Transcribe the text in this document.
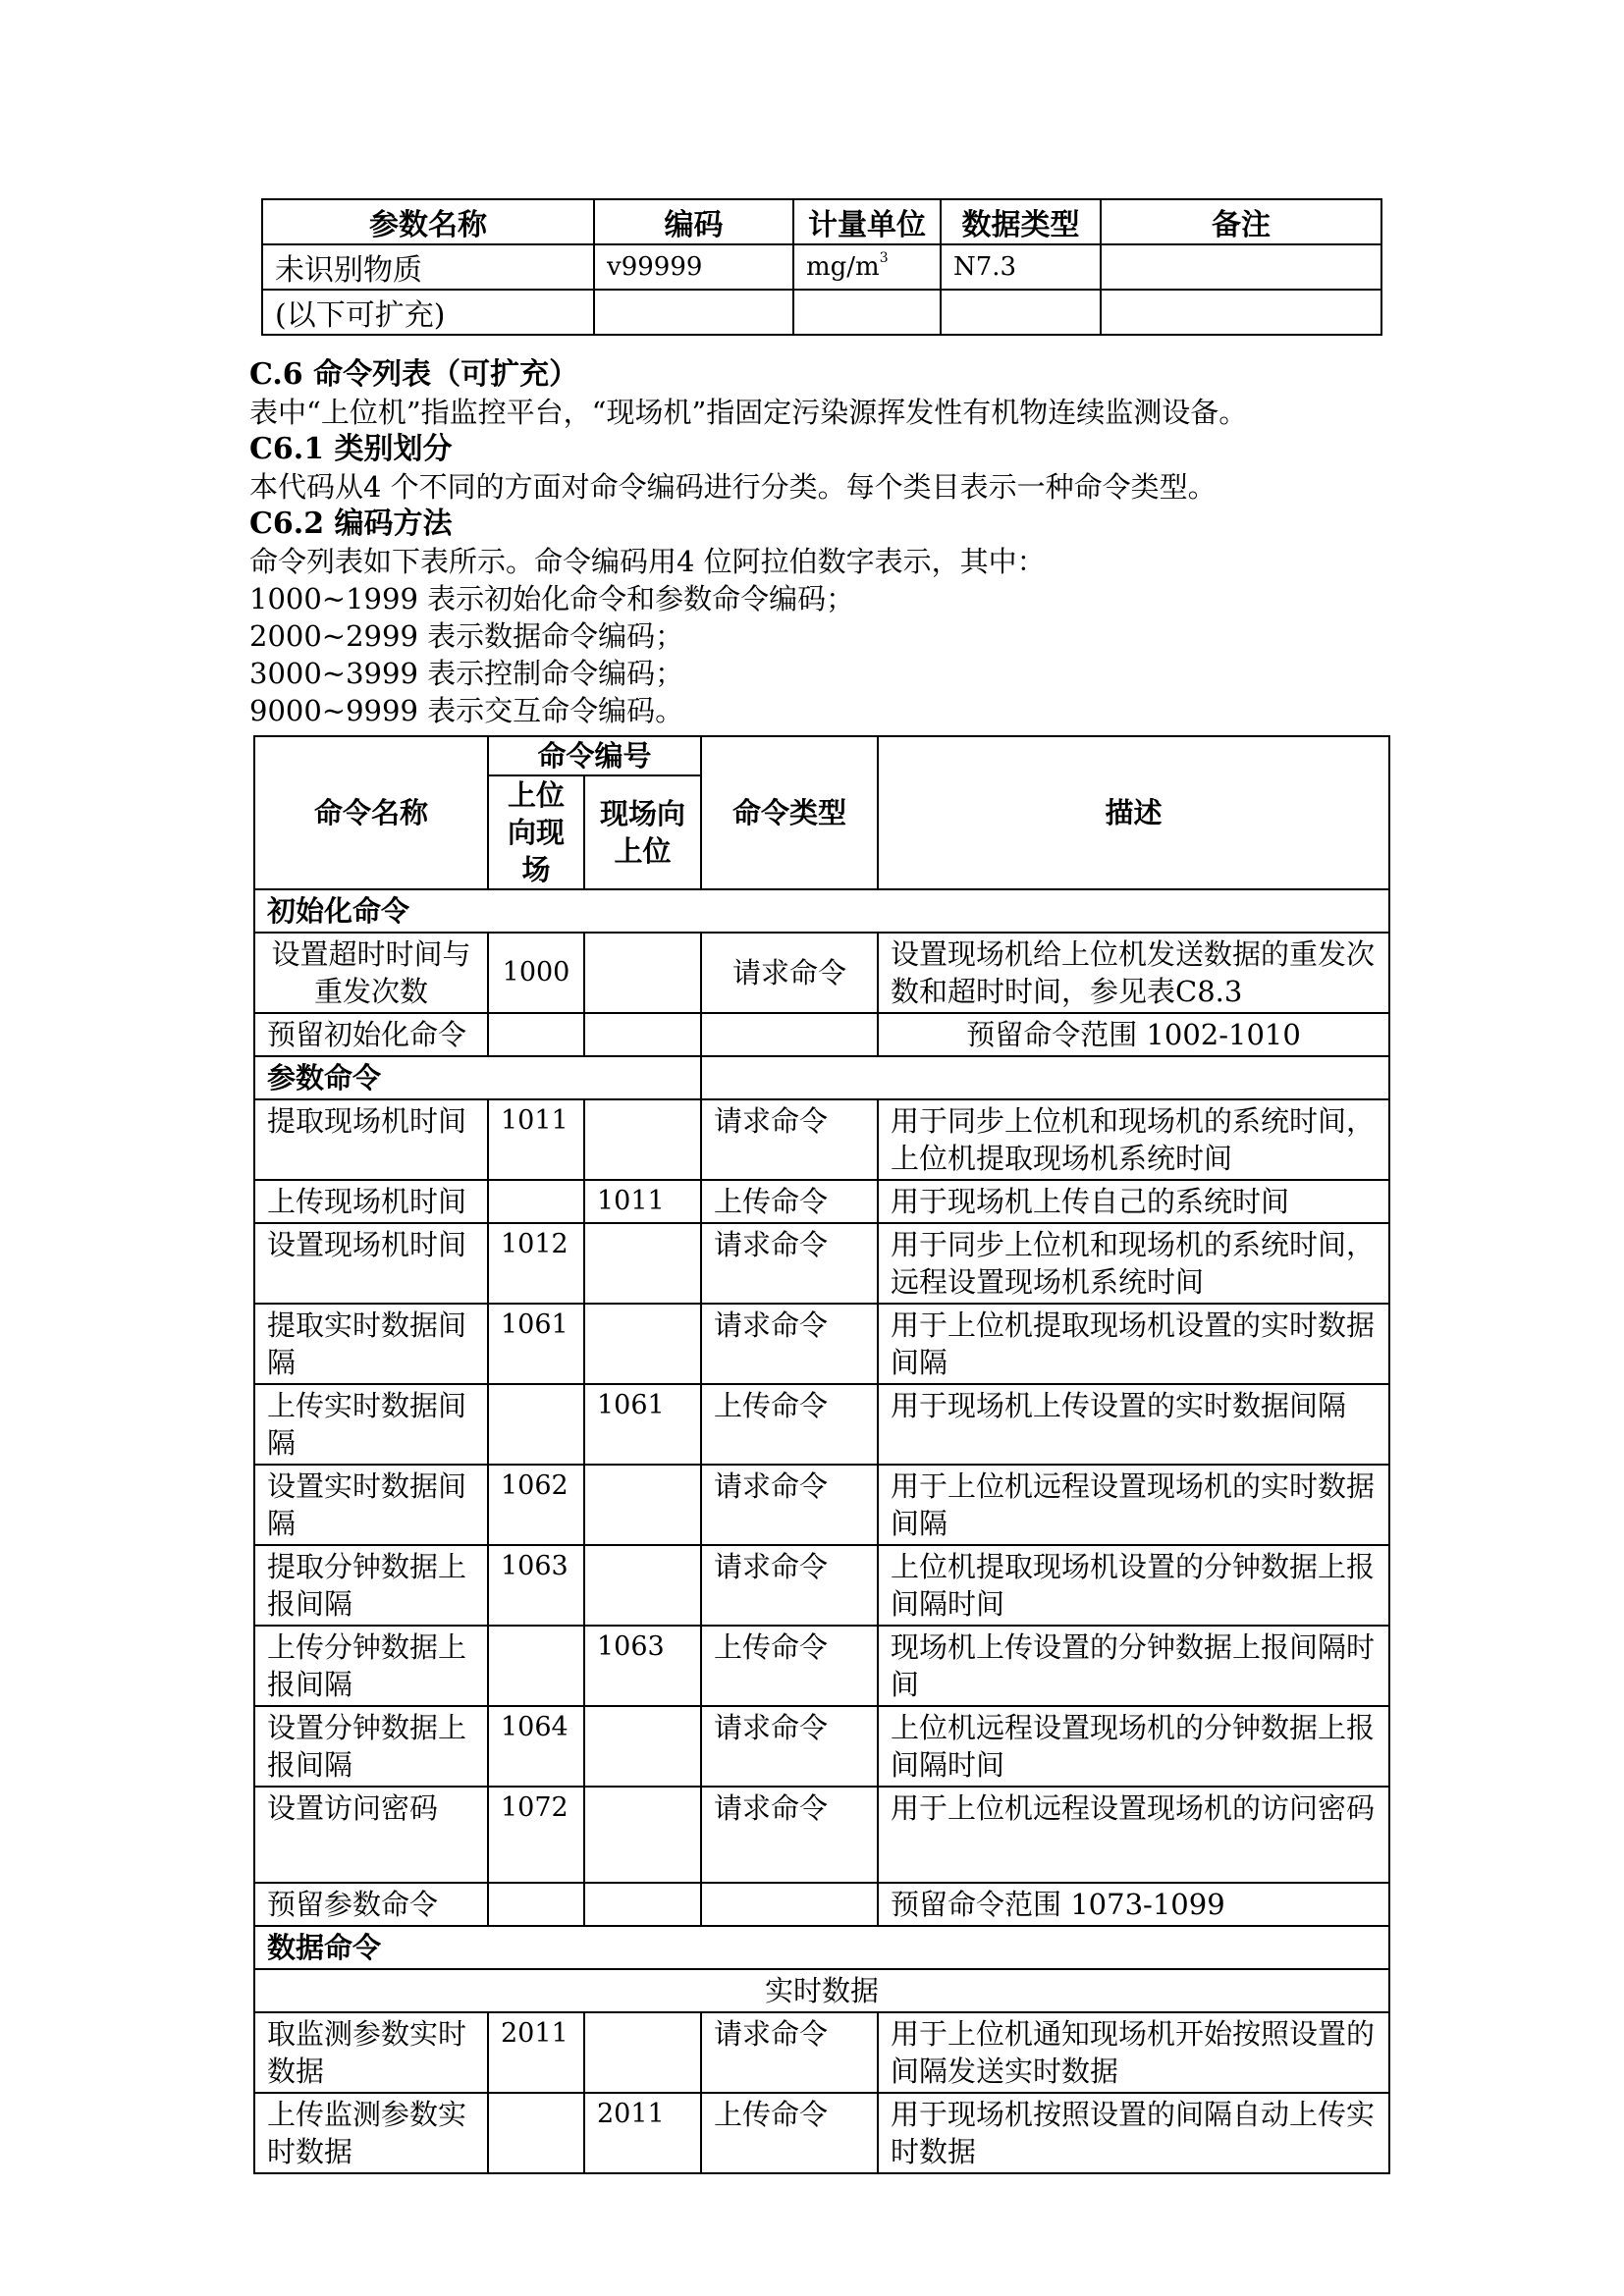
参数名称	编码	计量单位	数据类型	备注
未识别物质	v99999	$mg/m^3$	N7.3	
(以下可扩充)				
C.6 命令列表（可扩充）
表中“上位机”指监控平台，“现场机”指固定污染源挥发性有机物连续监测设备。
C6.1 类别划分
本代码从4 个不同的方面对命令编码进行分类。每个类目表示一种命令类型。
C6.2 编码方法
命令列表如下表所示。命令编码用4 位阿拉伯数字表示，其中：
1000~1999 表示初始化命令和参数命令编码；
2000~2999 表示数据命令编码；
3000~3999 表示控制命令编码；
9000~9999 表示交互命令编码。
命令名称	命令编号		命令类型	描述
	上位向现场	现场向上位		
初始化命令				
设置超时时间与重发次数	1000		请求命令	设置现场机给上位机发送数据的重发次数和超时时间，参见表C8.3
预留初始化命令				预留命令范围 1002-1010
参数命令				
提取现场机时间	1011		请求命令	用于同步上位机和现场机的系统时间，上位机提取现场机系统时间
上传现场机时间		1011	上传命令	用于现场机上传自己的系统时间
设置现场机时间	1012		请求命令	用于同步上位机和现场机的系统时间，远程设置现场机系统时间
提取实时数据间隔	1061		请求命令	用于上位机提取现场机设置的实时数据间隔
上传实时数据间隔		1061	上传命令	用于现场机上传设置的实时数据间隔
设置实时数据间隔	1062		请求命令	用于上位机远程设置现场机的实时数据间隔
提取分钟数据上报间隔	1063		请求命令	上位机提取现场机设置的分钟数据上报间隔时间
上传分钟数据上报间隔		1063	上传命令	现场机上传设置的分钟数据上报间隔时间
设置分钟数据上报间隔	1064		请求命令	上位机远程设置现场机的分钟数据上报间隔时间
设置访问密码	1072		请求命令	用于上位机远程设置现场机的访问密码
预留参数命令				预留命令范围 1073-1099
数据命令				
实时数据				
取监测参数实时数据	2011		请求命令	用于上位机通知现场机开始按照设置的间隔发送实时数据
上传监测参数实时数据		2011	上传命令	用于现场机按照设置的间隔自动上传实时数据
